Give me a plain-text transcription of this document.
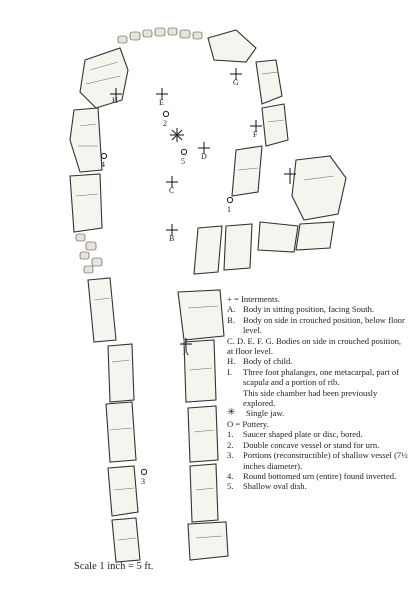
H	E
G
F
D
C
B
A
1
2
3
4	5
+ = Interments.
A. Body in sitting position, facing South.
B. Body on side in crouched position, below floor level.
C. D. E. F. G. Bodies on side in crouched position, at floor level.
H. Body of child.
I.	Three foot phalanges, one metacarpal, part of scapula and a portion of rib.
This side chamber had been previously explored.
✳	Single jaw.
O = Pottery.
1.	Saucer shaped plate or disc, bored.
2.	Double concave vessel or stand for urn.
3.	Portions (reconstructible) of shallow vessel (7½ inches diameter).
4.	Round bottomed urn (entire) found inverted.
5.	Shallow oval dish.
Scale 1 inch = 5 ft.
